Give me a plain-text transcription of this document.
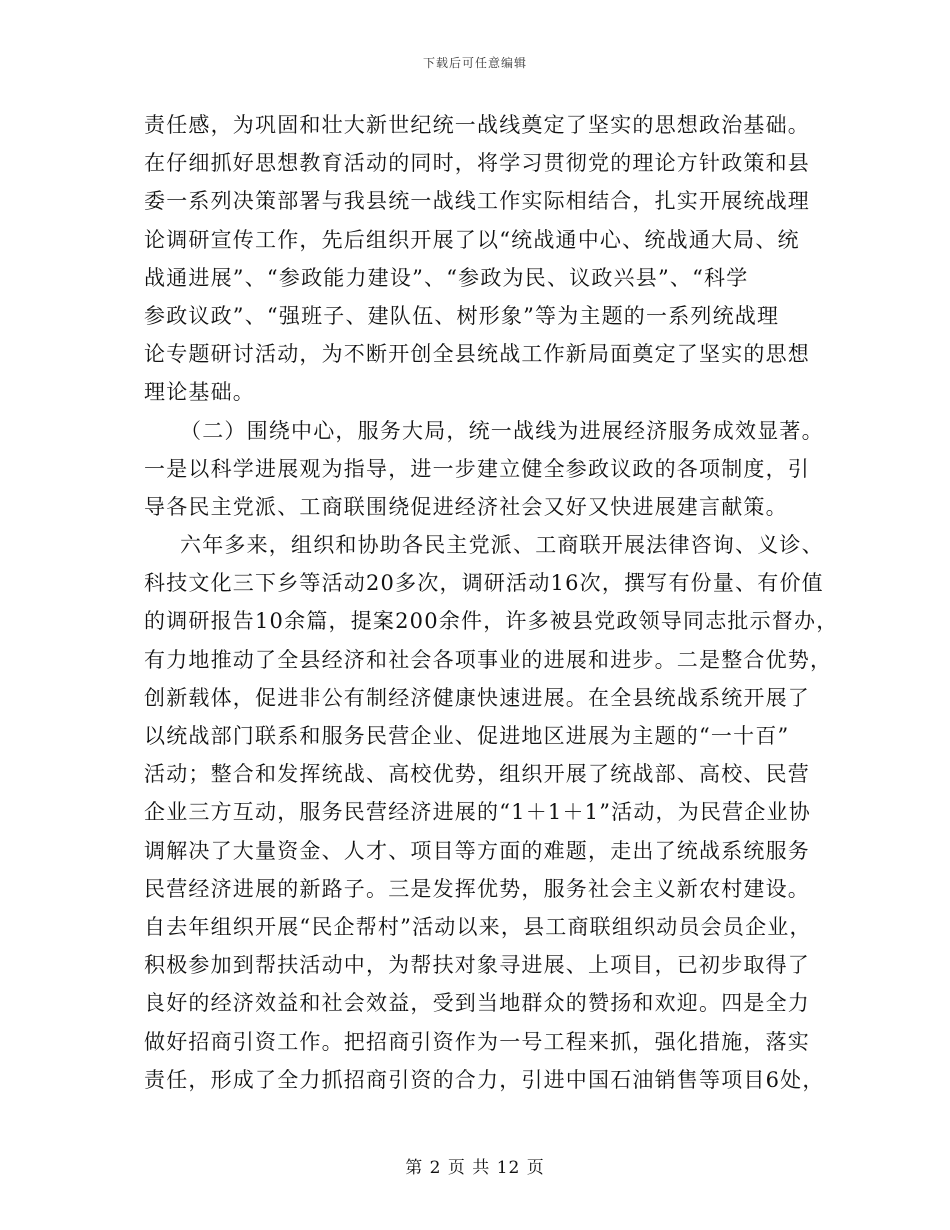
下载后可任意编辑
责任感，为巩固和壮大新世纪统一战线奠定了坚实的思想政治基础。
在仔细抓好思想教育活动的同时，将学习贯彻党的理论方针政策和县
委一系列决策部署与我县统一战线工作实际相结合，扎实开展统战理
论调研宣传工作，先后组织开展了以“统战通中心、统战通大局、统
战通进展”、“参政能力建设”、“参政为民、议政兴县”、“科学
参政议政”、“强班子、建队伍、树形象”等为主题的一系列统战理
论专题研讨活动，为不断开创全县统战工作新局面奠定了坚实的思想
理论基础。
（二）围绕中心，服务大局，统一战线为进展经济服务成效显著。
一是以科学进展观为指导，进一步建立健全参政议政的各项制度，引
导各民主党派、工商联围绕促进经济社会又好又快进展建言献策。
六年多来，组织和协助各民主党派、工商联开展法律咨询、义诊、
科技文化三下乡等活动20多次，调研活动16次，撰写有份量、有价值
的调研报告10余篇，提案200余件，许多被县党政领导同志批示督办，
有力地推动了全县经济和社会各项事业的进展和进步。二是整合优势，
创新载体，促进非公有制经济健康快速进展。在全县统战系统开展了
以统战部门联系和服务民营企业、促进地区进展为主题的“一十百”
活动；整合和发挥统战、高校优势，组织开展了统战部、高校、民营
企业三方互动，服务民营经济进展的“1＋1＋1”活动，为民营企业协
调解决了大量资金、人才、项目等方面的难题，走出了统战系统服务
民营经济进展的新路子。三是发挥优势，服务社会主义新农村建设。
自去年组织开展“民企帮村”活动以来，县工商联组织动员会员企业，
积极参加到帮扶活动中，为帮扶对象寻进展、上项目，已初步取得了
良好的经济效益和社会效益，受到当地群众的赞扬和欢迎。四是全力
做好招商引资工作。把招商引资作为一号工程来抓，强化措施，落实
责任，形成了全力抓招商引资的合力，引进中国石油销售等项目6处，
第 2 页 共 12 页
